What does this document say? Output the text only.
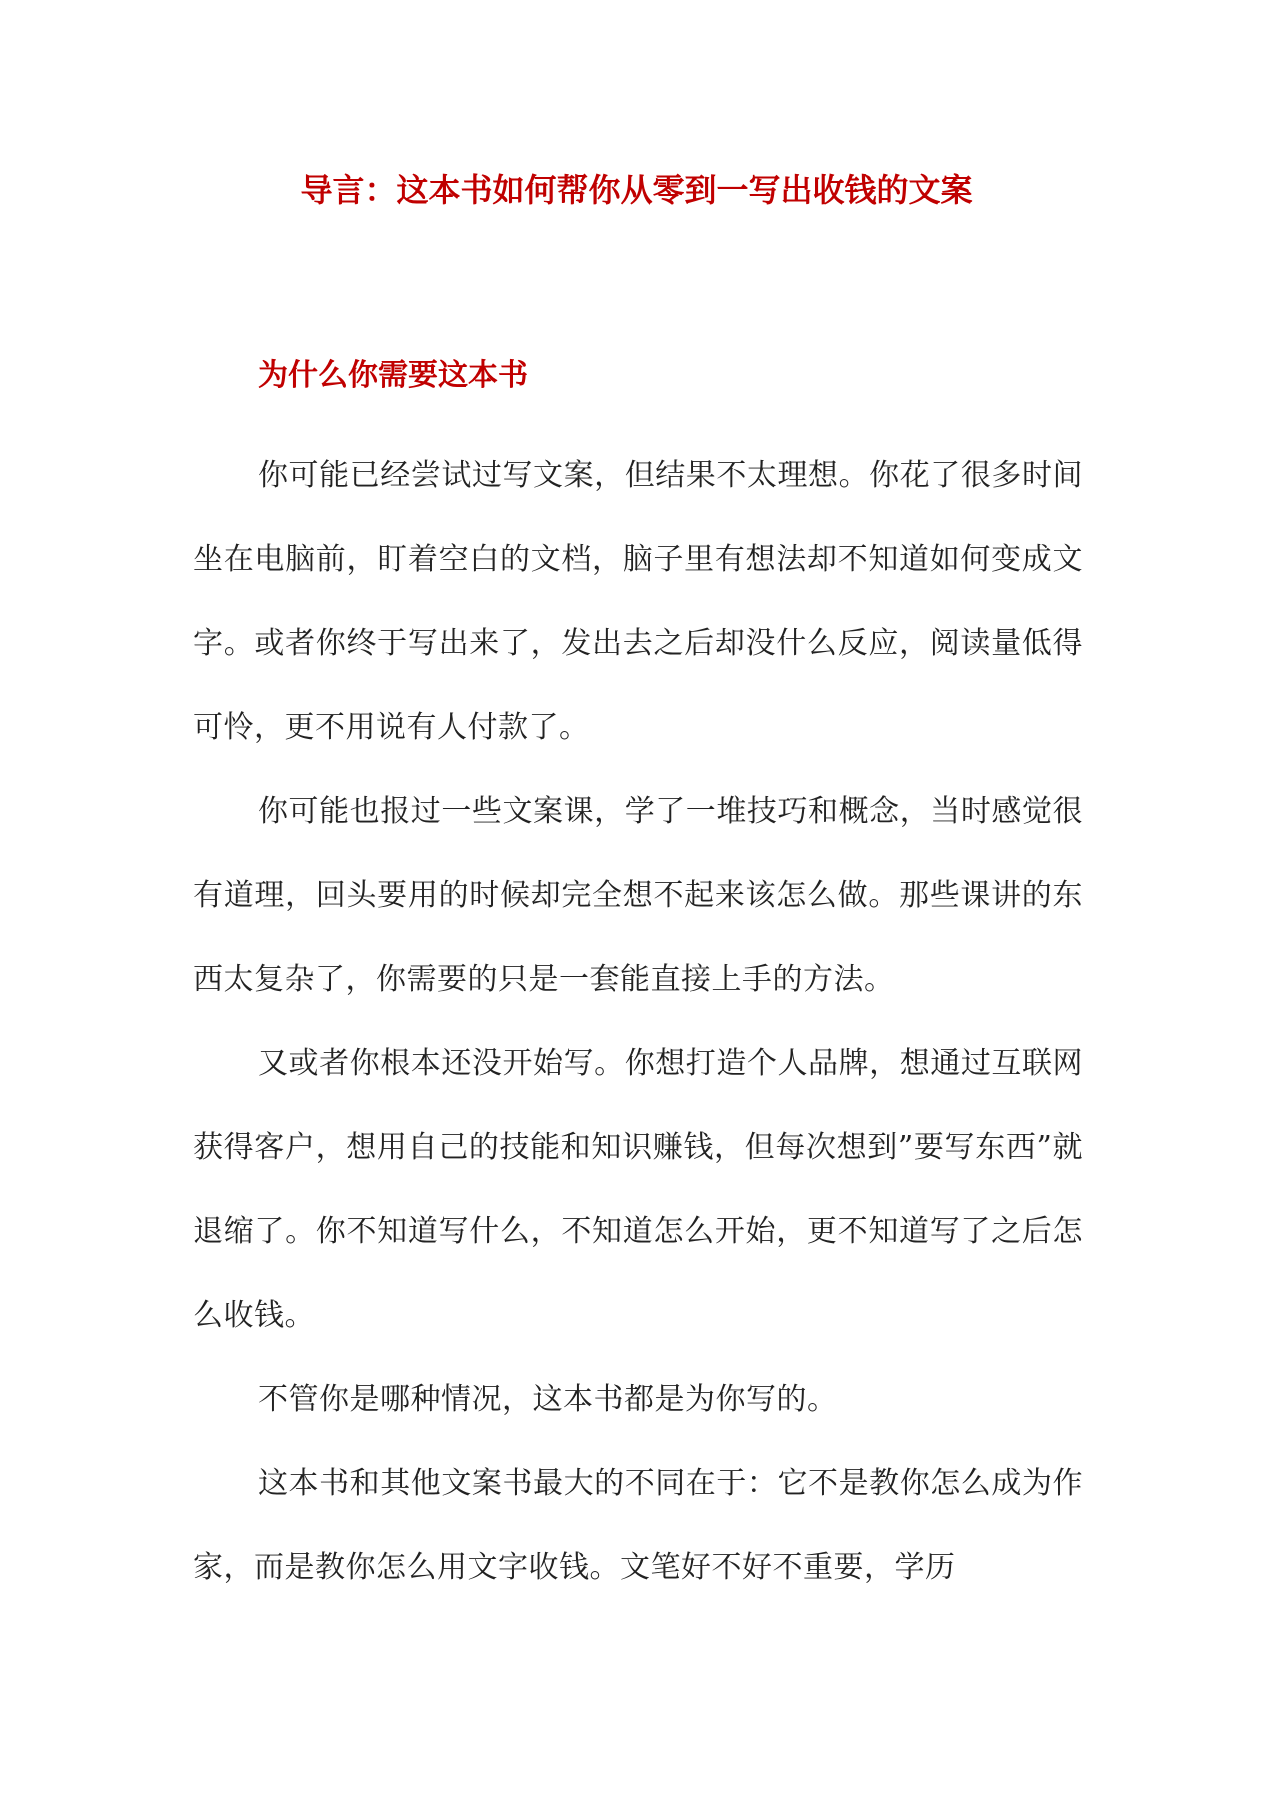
导言：这本书如何帮你从零到一写出收钱的文案
为什么你需要这本书

你可能已经尝试过写文案，但结果不太理想。你花了很多时间坐在电脑前，盯着空白的文档，脑子里有想法却不知道如何变成文字。或者你终于写出来了，发出去之后却没什么反应，阅读量低得可怜，更不用说有人付款了。

你可能也报过一些文案课，学了一堆技巧和概念，当时感觉很有道理，回头要用的时候却完全想不起来该怎么做。那些课讲的东西太复杂了，你需要的只是一套能直接上手的方法。

又或者你根本还没开始写。你想打造个人品牌，想通过互联网获得客户，想用自己的技能和知识赚钱，但每次想到”要写东西”就退缩了。你不知道写什么，不知道怎么开始，更不知道写了之后怎么收钱。

不管你是哪种情况，这本书都是为你写的。

这本书和其他文案书最大的不同在于：它不是教你怎么成为作家，而是教你怎么用文字收钱。文笔好不好不重要，学历
